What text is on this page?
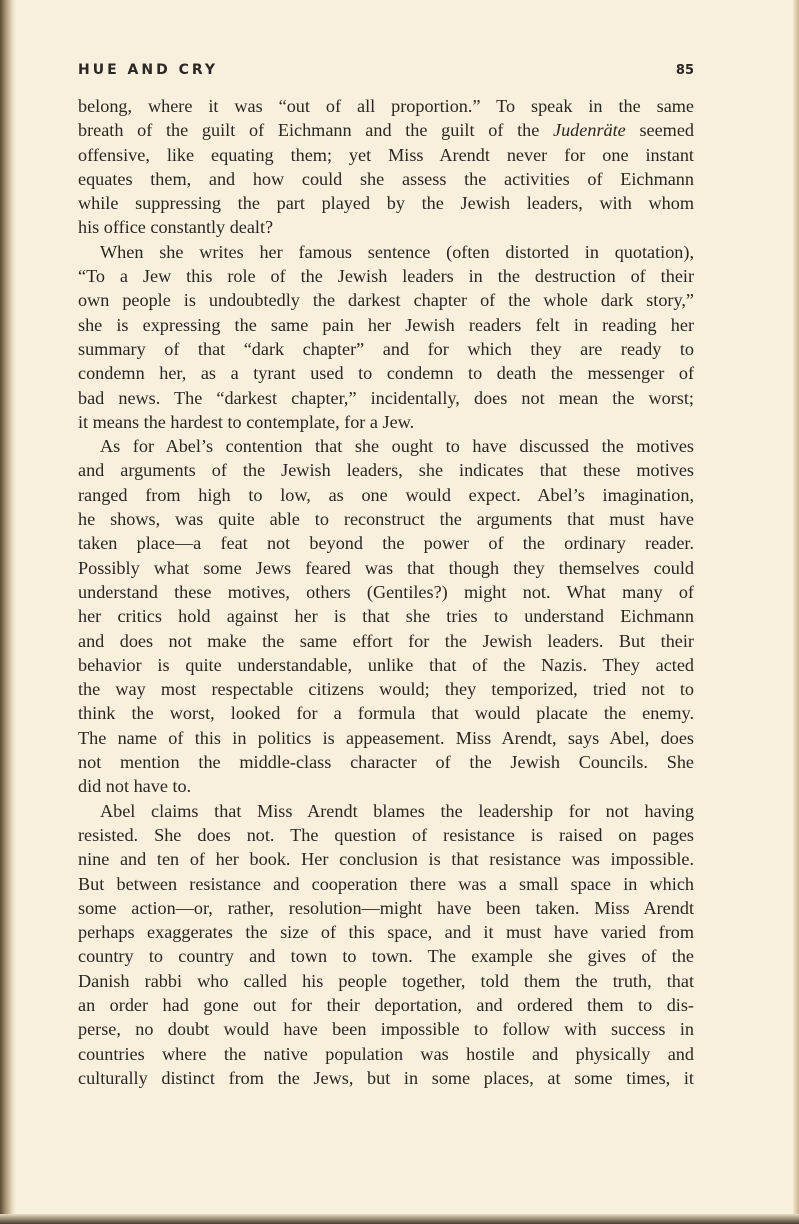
HUE AND CRY	85
belong, where it was “out of all proportion.” To speak in the same
breath of the guilt of Eichmann and the guilt of the Judenräte seemed
offensive, like equating them; yet Miss Arendt never for one instant
equates them, and how could she assess the activities of Eichmann
while suppressing the part played by the Jewish leaders, with whom
his office constantly dealt?
When she writes her famous sentence (often distorted in quotation),
“To a Jew this role of the Jewish leaders in the destruction of their
own people is undoubtedly the darkest chapter of the whole dark story,”
she is expressing the same pain her Jewish readers felt in reading her
summary of that “dark chapter” and for which they are ready to
condemn her, as a tyrant used to condemn to death the messenger of
bad news. The “darkest chapter,” incidentally, does not mean the worst;
it means the hardest to contemplate, for a Jew.
As for Abel’s contention that she ought to have discussed the motives
and arguments of the Jewish leaders, she indicates that these motives
ranged from high to low, as one would expect. Abel’s imagination,
he shows, was quite able to reconstruct the arguments that must have
taken place—a feat not beyond the power of the ordinary reader.
Possibly what some Jews feared was that though they themselves could
understand these motives, others (Gentiles?) might not. What many of
her critics hold against her is that she tries to understand Eichmann
and does not make the same effort for the Jewish leaders. But their
behavior is quite understandable, unlike that of the Nazis. They acted
the way most respectable citizens would; they temporized, tried not to
think the worst, looked for a formula that would placate the enemy.
The name of this in politics is appeasement. Miss Arendt, says Abel, does
not mention the middle-class character of the Jewish Councils. She
did not have to.
Abel claims that Miss Arendt blames the leadership for not having
resisted. She does not. The question of resistance is raised on pages
nine and ten of her book. Her conclusion is that resistance was impossible.
But between resistance and cooperation there was a small space in which
some action—or, rather, resolution—might have been taken. Miss Arendt
perhaps exaggerates the size of this space, and it must have varied from
country to country and town to town. The example she gives of the
Danish rabbi who called his people together, told them the truth, that
an order had gone out for their deportation, and ordered them to dis-
perse, no doubt would have been impossible to follow with success in
countries where the native population was hostile and physically and
culturally distinct from the Jews, but in some places, at some times, it
